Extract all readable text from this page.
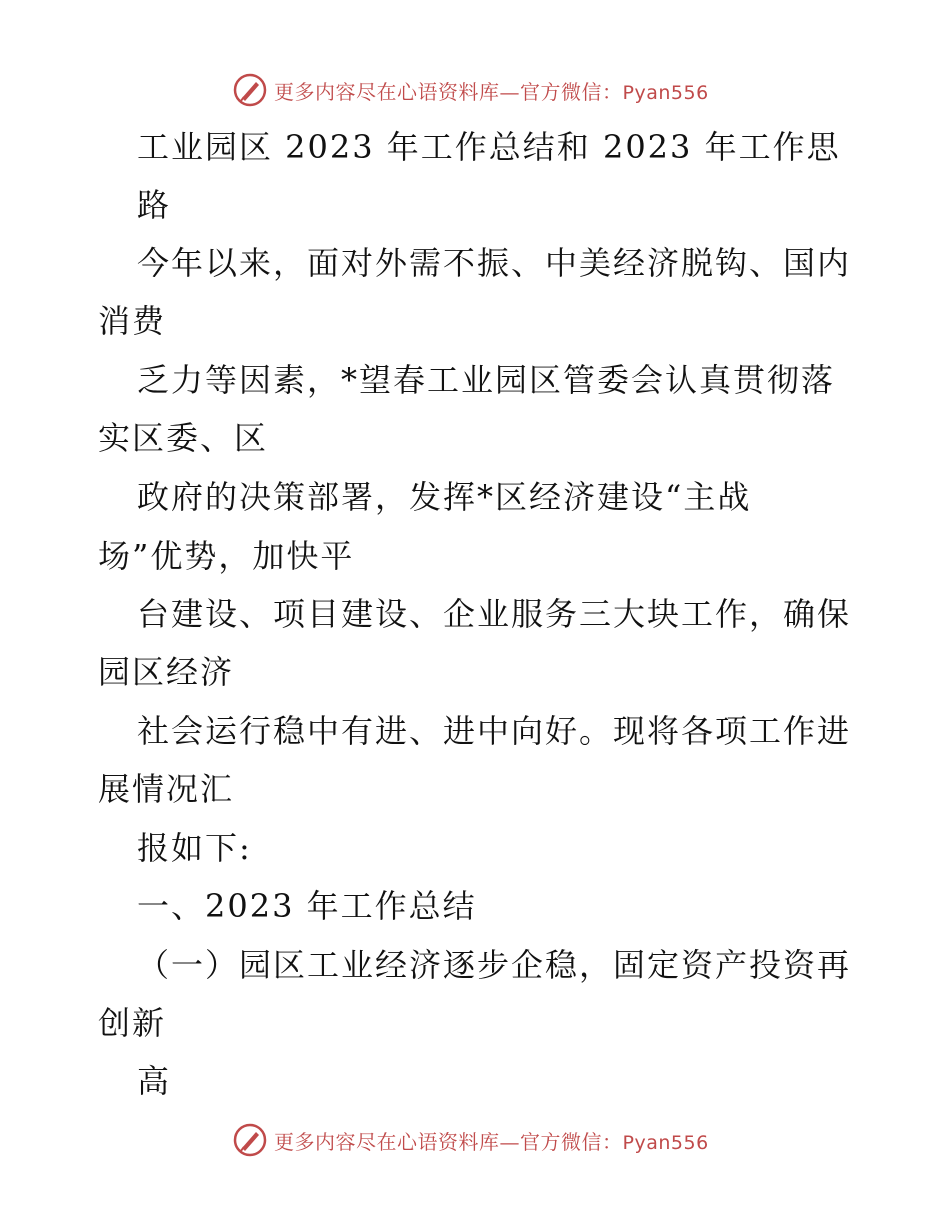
更多内容尽在心语资料库—官方微信：Pyan556
工业园区 2023 年工作总结和 2023 年工作思
路
今年以来，面对外需不振、中美经济脱钩、国内
消费
乏力等因素，*望春工业园区管委会认真贯彻落
实区委、区
政府的决策部署，发挥*区经济建设“主战
场”优势，加快平
台建设、项目建设、企业服务三大块工作，确保
园区经济
社会运行稳中有进、进中向好。现将各项工作进
展情况汇
报如下:
一、2023 年工作总结
（一）园区工业经济逐步企稳，固定资产投资再
创新
高
更多内容尽在心语资料库—官方微信：Pyan556
